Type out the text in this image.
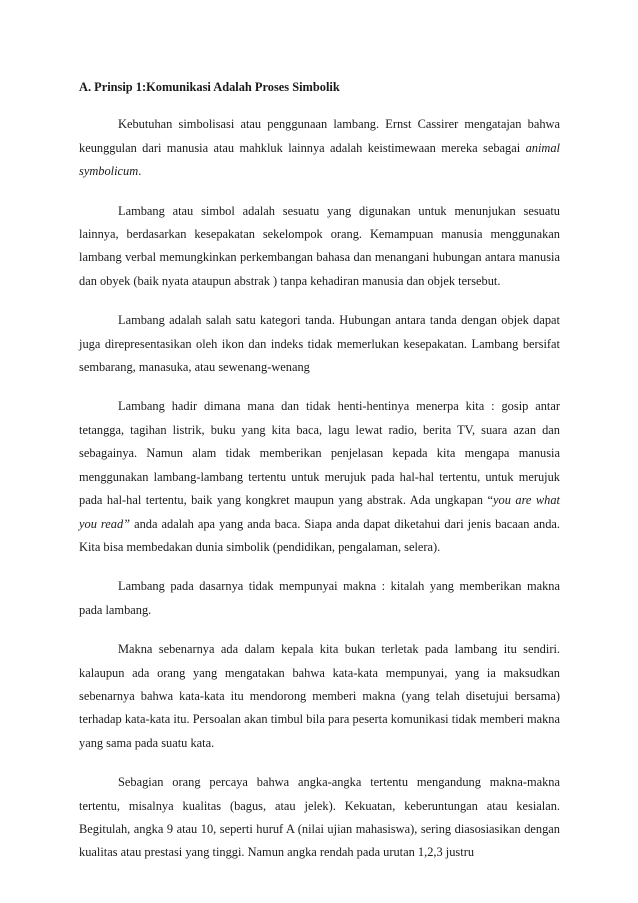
A. Prinsip 1:Komunikasi Adalah Proses Simbolik

Kebutuhan simbolisasi atau penggunaan lambang. Ernst Cassirer mengatajan bahwa keunggulan dari manusia atau mahkluk lainnya adalah keistimewaan mereka sebagai animal symbolicum.

Lambang atau simbol adalah sesuatu yang digunakan untuk menunjukan sesuatu lainnya, berdasarkan kesepakatan sekelompok orang. Kemampuan manusia menggunakan lambang verbal memungkinkan perkembangan bahasa dan menangani hubungan antara manusia dan obyek (baik nyata ataupun abstrak ) tanpa kehadiran manusia dan objek tersebut.

Lambang adalah salah satu kategori tanda. Hubungan antara tanda dengan objek dapat juga direpresentasikan oleh ikon dan indeks tidak memerlukan kesepakatan. Lambang bersifat sembarang, manasuka, atau sewenang-wenang

Lambang hadir dimana mana dan tidak henti-hentinya menerpa kita : gosip antar tetangga, tagihan listrik, buku yang kita baca, lagu lewat radio, berita TV, suara azan dan sebagainya. Namun alam tidak memberikan penjelasan kepada kita mengapa manusia menggunakan lambang-lambang tertentu untuk merujuk pada hal-hal tertentu, untuk merujuk pada hal-hal tertentu, baik yang kongkret maupun yang abstrak. Ada ungkapan “you are what you read” anda adalah apa yang anda baca. Siapa anda dapat diketahui dari jenis bacaan anda. Kita bisa membedakan dunia simbolik (pendidikan, pengalaman, selera).

Lambang pada dasarnya tidak mempunyai makna : kitalah yang memberikan makna pada lambang.

Makna sebenarnya ada dalam kepala kita bukan terletak pada lambang itu sendiri. kalaupun ada orang yang mengatakan bahwa kata-kata mempunyai, yang ia maksudkan sebenarnya bahwa kata-kata itu mendorong memberi makna (yang telah disetujui bersama) terhadap kata-kata itu. Persoalan akan timbul bila para peserta komunikasi tidak memberi makna yang sama pada suatu kata.

Sebagian orang percaya bahwa angka-angka tertentu mengandung makna-makna tertentu, misalnya kualitas (bagus, atau jelek). Kekuatan, keberuntungan atau kesialan. Begitulah, angka 9 atau 10, seperti huruf A (nilai ujian mahasiswa), sering diasosiasikan dengan kualitas atau prestasi yang tinggi. Namun angka rendah pada urutan 1,2,3 justru
